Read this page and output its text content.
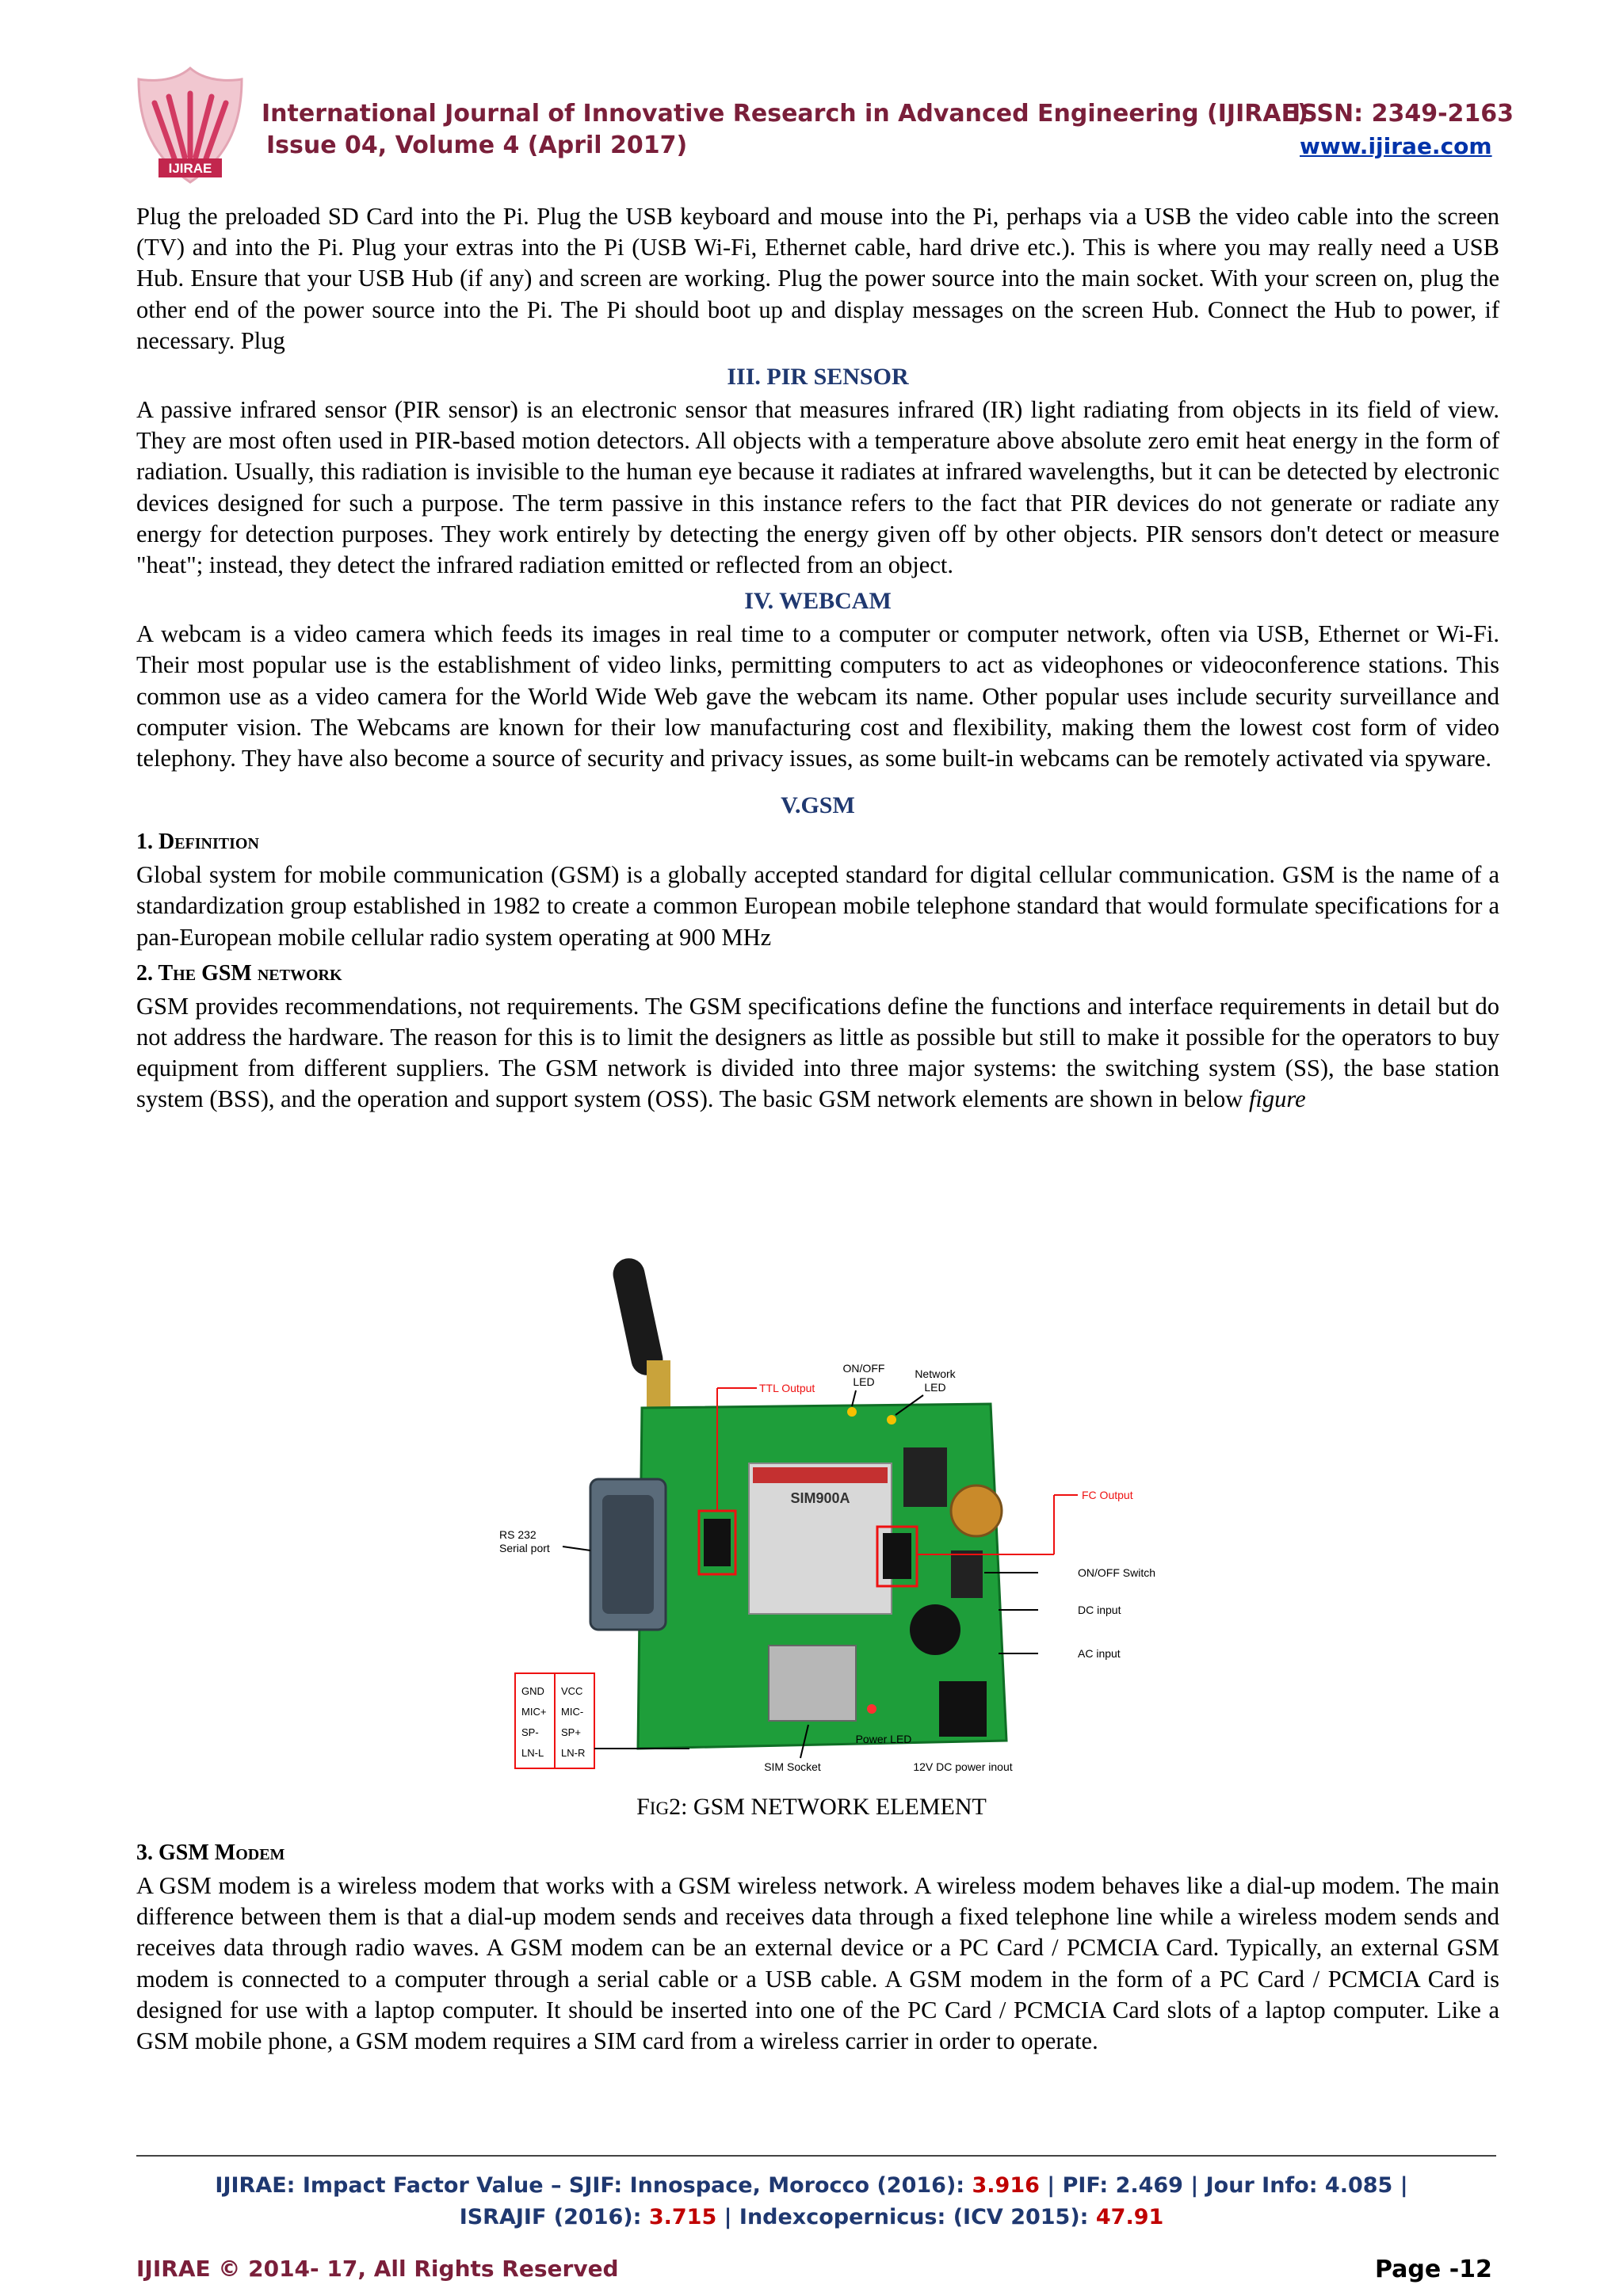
IJIRAE
International Journal of Innovative Research in Advanced Engineering (IJIRAE)
ISSN: 2349-2163
Issue 04, Volume 4 (April 2017)	www.ijirae.com

Plug the preloaded SD Card into the Pi. Plug the USB keyboard and mouse into the Pi, perhaps via a USB the video cable into the screen (TV) and into the Pi. Plug your extras into the Pi (USB Wi-Fi, Ethernet cable, hard drive etc.). This is where you may really need a USB Hub. Ensure that your USB Hub (if any) and screen are working. Plug the power source into the main socket. With your screen on, plug the other end of the power source into the Pi. The Pi should boot up and display messages on the screen Hub. Connect the Hub to power, if necessary. Plug

III. PIR SENSOR

A passive infrared sensor (PIR sensor) is an electronic sensor that measures infrared (IR) light radiating from objects in its field of view. They are most often used in PIR-based motion detectors. All objects with a temperature above absolute zero emit heat energy in the form of radiation. Usually, this radiation is invisible to the human eye because it radiates at infrared wavelengths, but it can be detected by electronic devices designed for such a purpose. The term passive in this instance refers to the fact that PIR devices do not generate or radiate any energy for detection purposes. They work entirely by detecting the energy given off by other objects. PIR sensors don't detect or measure "heat"; instead, they detect the infrared radiation emitted or reflected from an object.

IV. WEBCAM

A webcam is a video camera which feeds its images in real time to a computer or computer network, often via USB, Ethernet or Wi-Fi. Their most popular use is the establishment of video links, permitting computers to act as videophones or videoconference stations. This common use as a video camera for the World Wide Web gave the webcam its name. Other popular uses include security surveillance and computer vision. The Webcams are known for their low manufacturing cost and flexibility, making them the lowest cost form of video telephony. They have also become a source of security and privacy issues, as some built-in webcams can be remotely activated via spyware.

V.GSM
1. Definition

Global system for mobile communication (GSM) is a globally accepted standard for digital cellular communication. GSM is the name of a standardization group established in 1982 to create a common European mobile telephone standard that would formulate specifications for a pan-European mobile cellular radio system operating at 900 MHz

2. The GSM network

GSM provides recommendations, not requirements. The GSM specifications define the functions and interface requirements in detail but do not address the hardware. The reason for this is to limit the designers as little as possible but still to make it possible for the operators to buy equipment from different suppliers. The GSM network is divided into three major systems: the switching system (SS), the base station system (BSS), and the operation and support system (OSS). The basic GSM network elements are shown in below figure

SIM900A
TTL Output
ON/OFF
LED
Network
LED
FC Output
RS 232
Serial port
ON/OFF Switch
DC input
AC input
SIM Socket
Power LED
12V DC power inout
GND VCC
MIC+ MIC-
SP- SP+
LN-L LN-R
FIG2: GSM NETWORK ELEMENT
3. GSM Modem

A GSM modem is a wireless modem that works with a GSM wireless network. A wireless modem behaves like a dial-up modem. The main difference between them is that a dial-up modem sends and receives data through a fixed telephone line while a wireless modem sends and receives data through radio waves. A GSM modem can be an external device or a PC Card / PCMCIA Card. Typically, an external GSM modem is connected to a computer through a serial cable or a USB cable. A GSM modem in the form of a PC Card / PCMCIA Card is designed for use with a laptop computer. It should be inserted into one of the PC Card / PCMCIA Card slots of a laptop computer. Like a GSM mobile phone, a GSM modem requires a SIM card from a wireless carrier in order to operate.

IJIRAE: Impact Factor Value – SJIF: Innospace, Morocco (2016): 3.916 | PIF: 2.469 | Jour Info: 4.085 |
ISRAJIF (2016): 3.715 | Indexcopernicus: (ICV 2015): 47.91
IJIRAE © 2014- 17, All Rights Reserved	Page -12
